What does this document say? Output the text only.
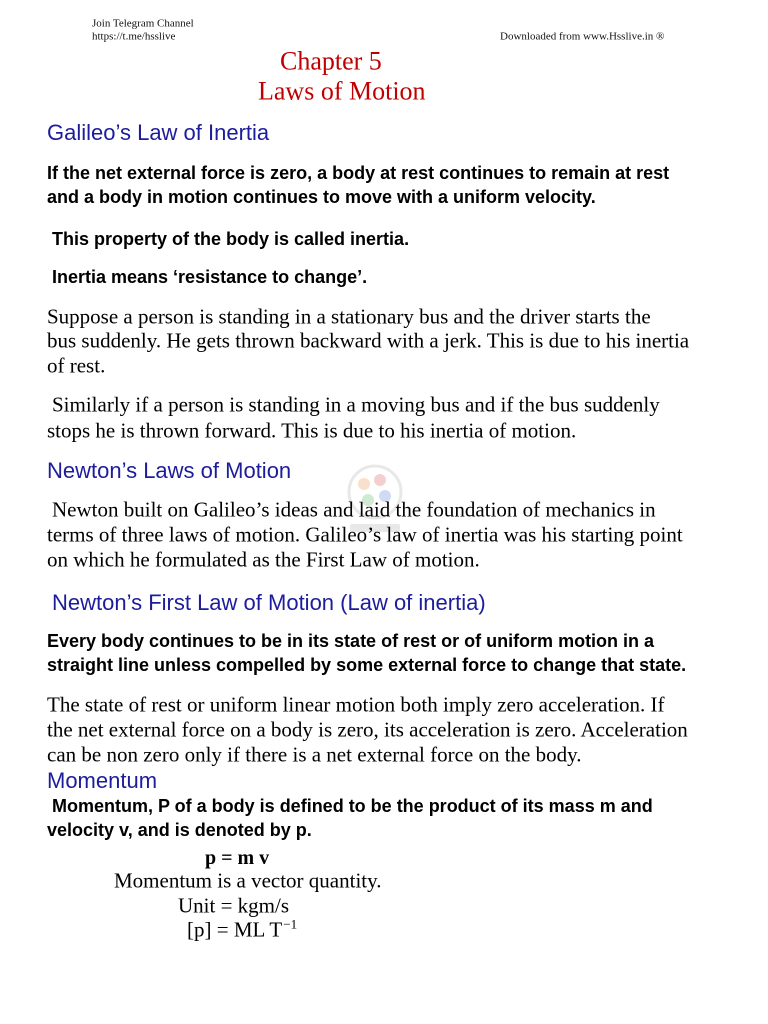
Join Telegram Channel
https://t.me/hsslive	Downloaded from www.Hsslive.in ®
Chapter 5
Laws of Motion
Galileo’s Law of Inertia
If the net external force is zero, a body at rest continues to remain at rest
and a body in motion continues to move with a uniform velocity.
This property of the body is called inertia.
Inertia means ‘resistance to change’.
Suppose a person is standing in a stationary bus and the driver starts the
bus suddenly. He gets thrown backward with a jerk. This is due to his inertia
of rest.
Similarly if a person is standing in a moving bus and if the bus suddenly
stops he is thrown forward. This is due to his inertia of motion.
Newton’s Laws of Motion
Newton built on Galileo’s ideas and laid the foundation of mechanics in
terms of three laws of motion. Galileo’s law of inertia was his starting point
on which he formulated as the First Law of motion.
Newton’s First Law of Motion (Law of inertia)
Every body continues to be in its state of rest or of uniform motion in a
straight line unless compelled by some external force to change that state.
The state of rest or uniform linear motion both imply zero acceleration. If
the net external force on a body is zero, its acceleration is zero. Acceleration
can be non zero only if there is a net external force on the body.
Momentum
Momentum, P of a body is defined to be the product of its mass m and
velocity v, and is denoted by p.
p = m v
Momentum is a vector quantity.
Unit = kgm/s
[p] = ML $T^{-1}$
